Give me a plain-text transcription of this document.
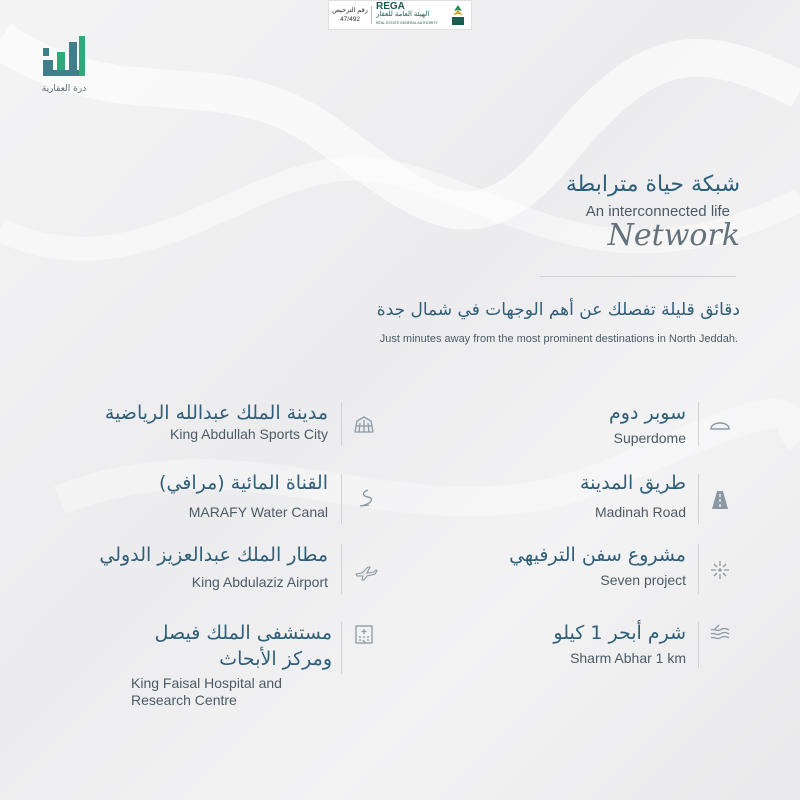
رقم الترخيص
47/492
REGA
الهيئة العامة للعقار
REAL ESTATE GENERAL AUTHORITY
درة العقارية
شبكة حياة مترابطة
An interconnected life
Network
دقائق قليلة تفصلك عن أهم الوجهات في شمال جدة
Just minutes away from the most prominent destinations in North Jeddah.
مدينة الملك عبدالله الرياضية
King Abdullah Sports City
القناة المائية (مرافي)
MARAFY Water Canal
مطار الملك عبدالعزيز الدولي
King Abdulaziz Airport
مستشفى الملك فيصل
ومركز الأبحاث
King Faisal Hospital and Research Centre
سوبر دوم
Superdome
طريق المدينة
Madinah Road
مشروع سفن الترفيهي
Seven project
شرم أبحر 1 كيلو
Sharm Abhar 1 km
